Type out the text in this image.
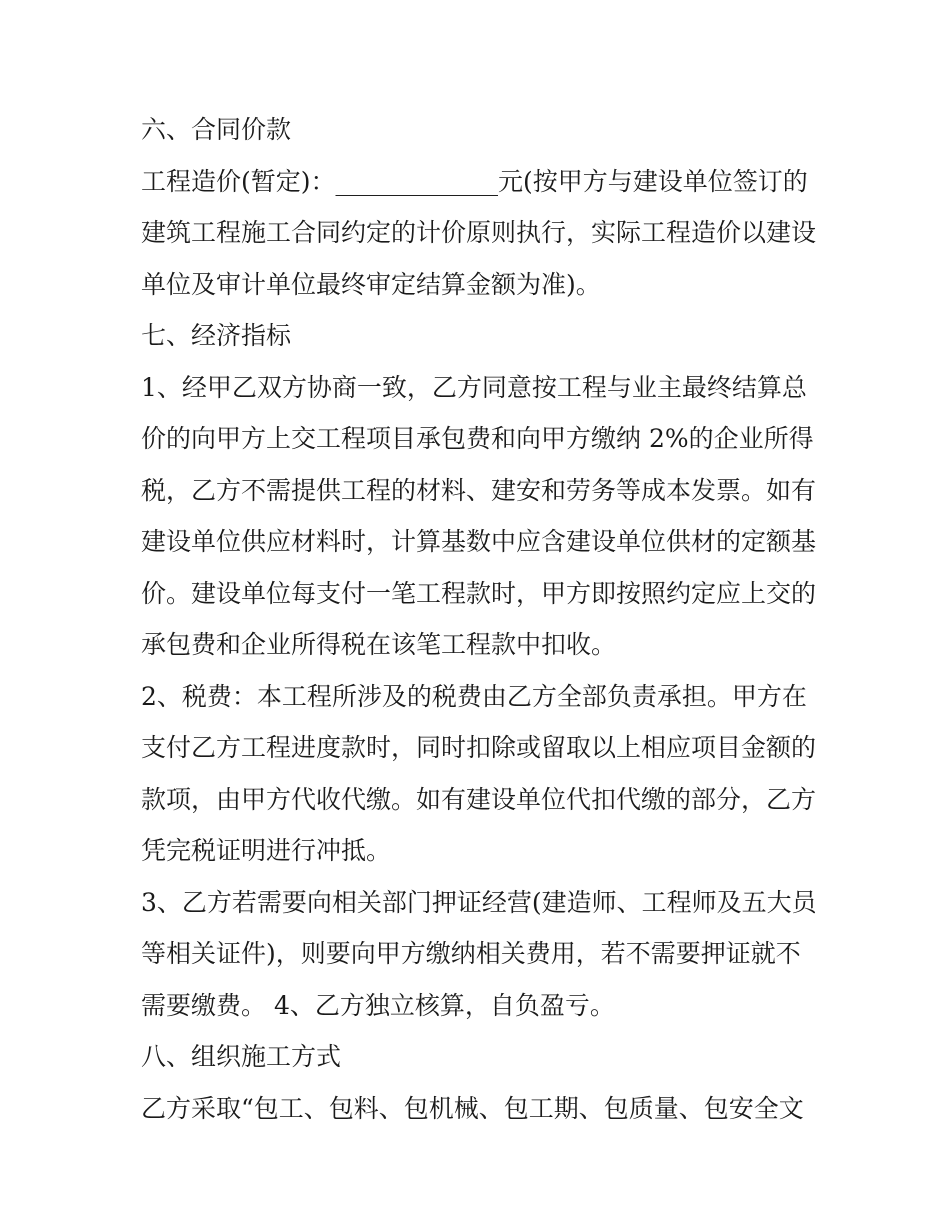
六、合同价款
工程造价(暂定)：_____________元(按甲方与建设单位签订的
建筑工程施工合同约定的计价原则执行，实际工程造价以建设
单位及审计单位最终审定结算金额为准)。
七、经济指标
1、经甲乙双方协商一致，乙方同意按工程与业主最终结算总
价的向甲方上交工程项目承包费和向甲方缴纳 2%的企业所得
税，乙方不需提供工程的材料、建安和劳务等成本发票。如有
建设单位供应材料时，计算基数中应含建设单位供材的定额基
价。建设单位每支付一笔工程款时，甲方即按照约定应上交的
承包费和企业所得税在该笔工程款中扣收。
2、税费：本工程所涉及的税费由乙方全部负责承担。甲方在
支付乙方工程进度款时，同时扣除或留取以上相应项目金额的
款项，由甲方代收代缴。如有建设单位代扣代缴的部分，乙方
凭完税证明进行冲抵。
3、乙方若需要向相关部门押证经营(建造师、工程师及五大员
等相关证件)，则要向甲方缴纳相关费用，若不需要押证就不
需要缴费。 4、乙方独立核算，自负盈亏。
八、组织施工方式
乙方采取“包工、包料、包机械、包工期、包质量、包安全文
